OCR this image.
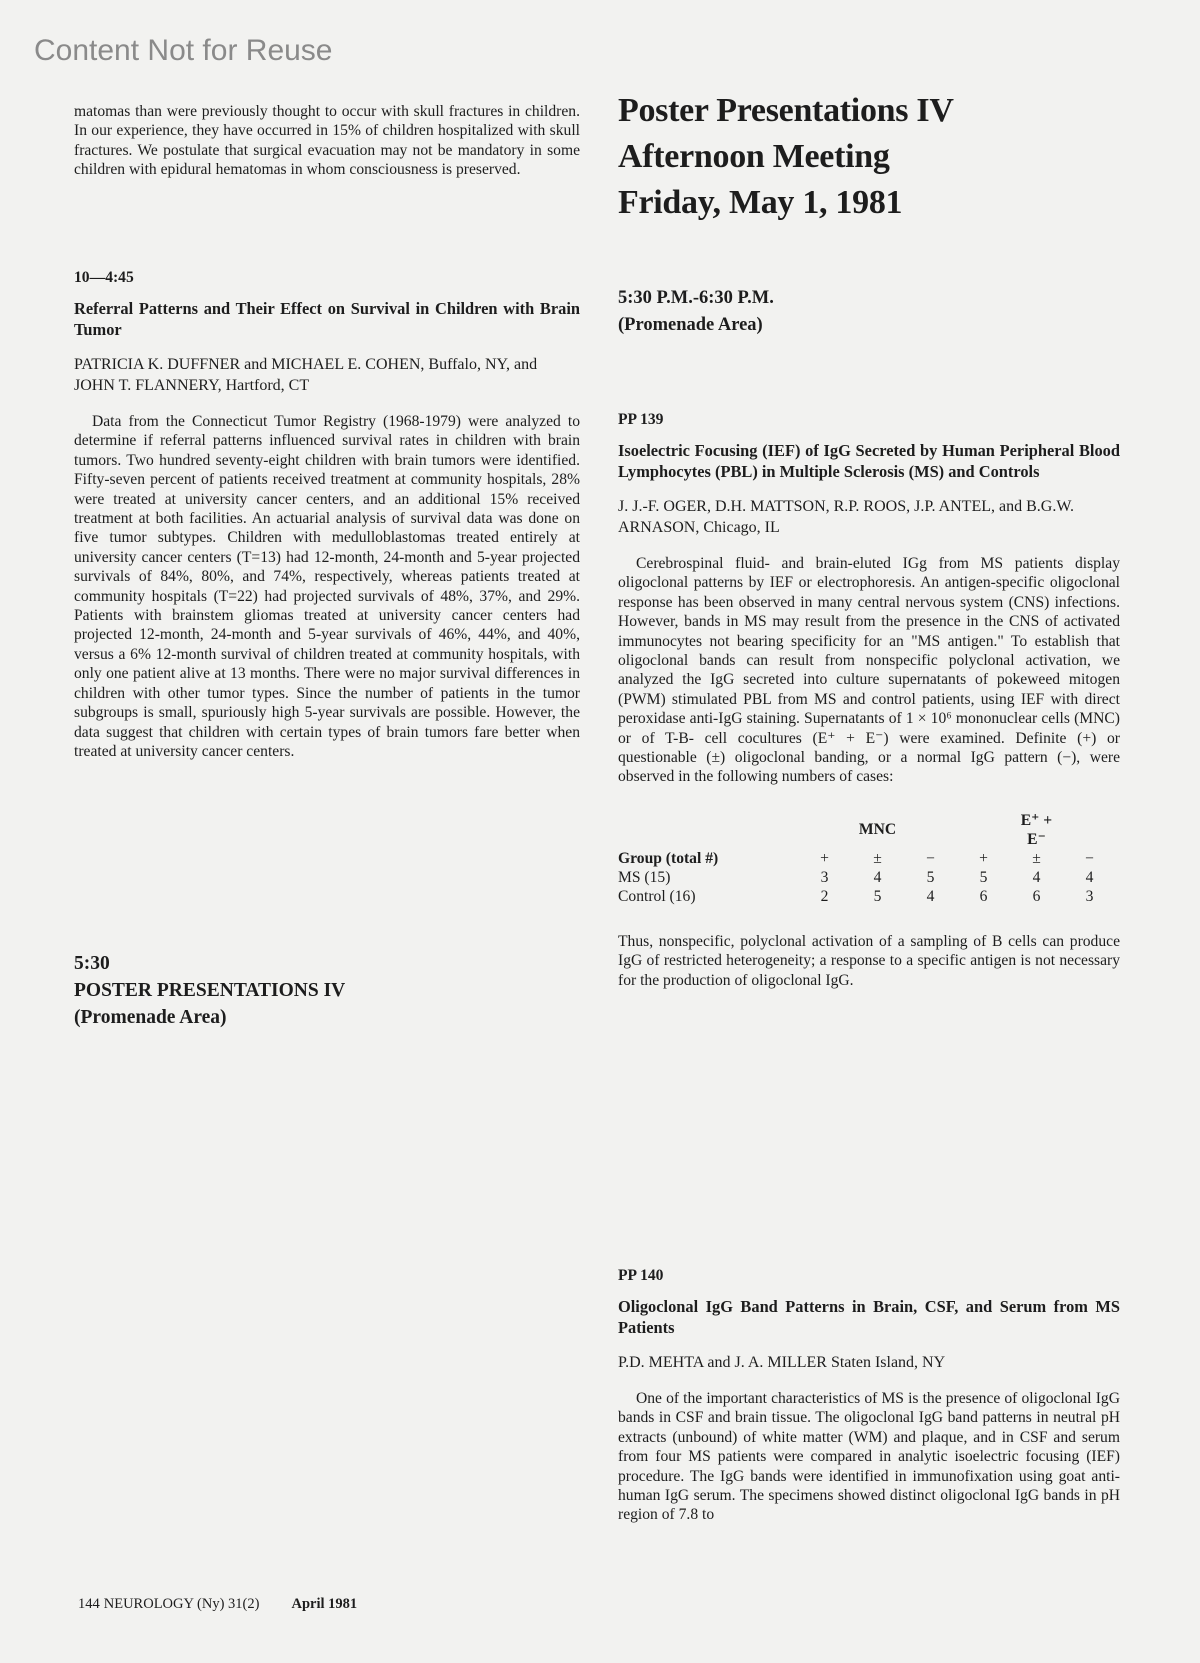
Content Not for Reuse

matomas than were previously thought to occur with skull fractures in children. In our experience, they have occurred in 15% of children hospitalized with skull fractures. We postulate that surgical evacuation may not be mandatory in some children with epidural hematomas in whom consciousness is preserved.

10—4:45
Referral Patterns and Their Effect on Survival in Children with Brain Tumor
PATRICIA K. DUFFNER and MICHAEL E. COHEN, Buffalo, NY, and JOHN T. FLANNERY, Hartford, CT

Data from the Connecticut Tumor Registry (1968-1979) were analyzed to determine if referral patterns influenced survival rates in children with brain tumors. Two hundred seventy-eight children with brain tumors were identified. Fifty-seven percent of patients received treatment at community hospitals, 28% were treated at university cancer centers, and an additional 15% received treatment at both facilities. An actuarial analysis of survival data was done on five tumor subtypes. Children with medulloblastomas treated entirely at university cancer centers (T=13) had 12-month, 24-month and 5-year projected survivals of 84%, 80%, and 74%, respectively, whereas patients treated at community hospitals (T=22) had projected survivals of 48%, 37%, and 29%. Patients with brainstem gliomas treated at university cancer centers had projected 12-month, 24-month and 5-year survivals of 46%, 44%, and 40%, versus a 6% 12-month survival of children treated at community hospitals, with only one patient alive at 13 months. There were no major survival differences in children with other tumor types. Since the number of patients in the tumor subgroups is small, spuriously high 5-year survivals are possible. However, the data suggest that children with certain types of brain tumors fare better when treated at university cancer centers.

5:30
POSTER PRESENTATIONS IV
(Promenade Area)
Poster Presentations IV
Afternoon Meeting
Friday, May 1, 1981
5:30 P.M.-6:30 P.M.
(Promenade Area)
PP 139
Isoelectric Focusing (IEF) of IgG Secreted by Human Peripheral Blood Lymphocytes (PBL) in Multiple Sclerosis (MS) and Controls
J. J.-F. OGER, D.H. MATTSON, R.P. ROOS, J.P. ANTEL, and B.G.W. ARNASON, Chicago, IL

Cerebrospinal fluid- and brain-eluted IGg from MS patients display oligoclonal patterns by IEF or electrophoresis. An antigen-specific oligoclonal response has been observed in many central nervous system (CNS) infections. However, bands in MS may result from the presence in the CNS of activated immunocytes not bearing specificity for an "MS antigen." To establish that oligoclonal bands can result from nonspecific polyclonal activation, we analyzed the IgG secreted into culture supernatants of pokeweed mitogen (PWM) stimulated PBL from MS and control patients, using IEF with direct peroxidase anti-IgG staining. Supernatants of 1 × 10⁶ mononuclear cells (MNC) or of T-B- cell cocultures (E⁺ + E⁻) were examined. Definite (+) or questionable (±) oligoclonal banding, or a normal IgG pattern (−), were observed in the following numbers of cases:

		MNC			E⁺ + E⁻	
Group (total #)	+	±	−	+	±	−
MS (15)	3	4	5	5	4	4
Control (16)	2	5	4	6	6	3

Thus, nonspecific, polyclonal activation of a sampling of B cells can produce IgG of restricted heterogeneity; a response to a specific antigen is not necessary for the production of oligoclonal IgG.

PP 140
Oligoclonal IgG Band Patterns in Brain, CSF, and Serum from MS Patients
P.D. MEHTA and J. A. MILLER Staten Island, NY

One of the important characteristics of MS is the presence of oligoclonal IgG bands in CSF and brain tissue. The oligoclonal IgG band patterns in neutral pH extracts (unbound) of white matter (WM) and plaque, and in CSF and serum from four MS patients were compared in analytic isoelectric focusing (IEF) procedure. The IgG bands were identified in immunofixation using goat anti-human IgG serum. The specimens showed distinct oligoclonal IgG bands in pH region of 7.8 to

144 NEUROLOGY (Ny) 31(2) April 1981
